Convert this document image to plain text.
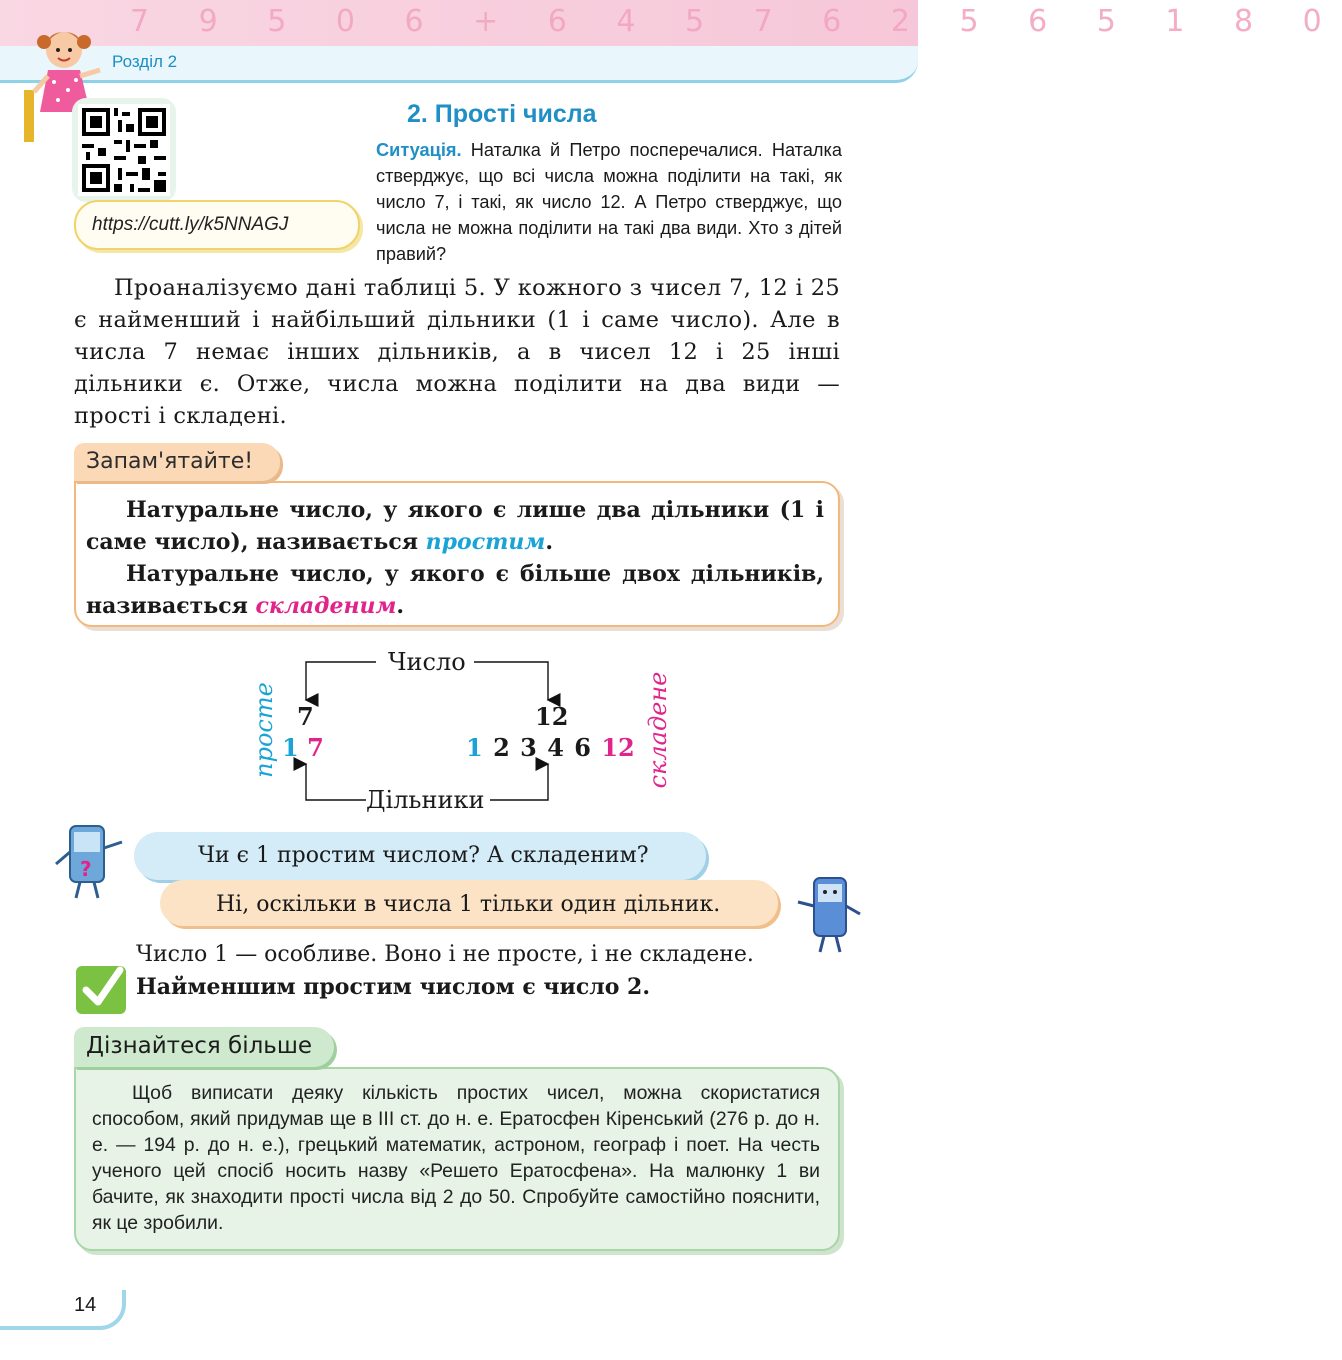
7 9 5 0 6 + 6 4 5 7 6 2 5 6 5 1 8 0
Розділ 2
https://cutt.ly/k5NNAGJ
2. Прості числа
Ситуація. Наталка й Петро посперечалися. Наталка стверджує, що всі числа можна поділити на такі, як число 7, і такі, як число 12. А Петро стверджує, що числа не можна поділити на такі два види. Хто з дітей правий?
Проаналізуємо дані таблиці 5. У кожного з чисел 7, 12 і 25 є найменший і найбільший дільники (1 і саме число). Але в числа 7 немає інших дільників, а в чисел 12 і 25 інші дільники є. Отже, числа можна поділити на два види — прості і складені.
Запам'ятайте!

Натуральне число, у якого є лише два дільники (1 і саме число), називається простим.

Натуральне число, у якого є більше двох дільників, називається складеним.

Число
Дільники
7	12
1 7	1 2 3 4 6 12
просте	складене
?
Чи є 1 простим числом? А складеним?
Ні, оскільки в числа 1 тільки один дільник.
Число 1 — особливе. Воно і не просте, і не складене.
Найменшим простим числом є число 2.
Дізнайтеся більше
Щоб виписати деяку кількість простих чисел, можна скористатися способом, який придумав ще в III ст. до н. е. Ератосфен Кіренський (276 р. до н. е. — 194 р. до н. е.), грецький математик, астроном, географ і поет. На честь ученого цей спосіб носить назву «Решето Ератосфена». На малюнку 1 ви бачите, як знаходити прості числа від 2 до 50. Спробуйте самостійно пояснити, як це зробили.
14
